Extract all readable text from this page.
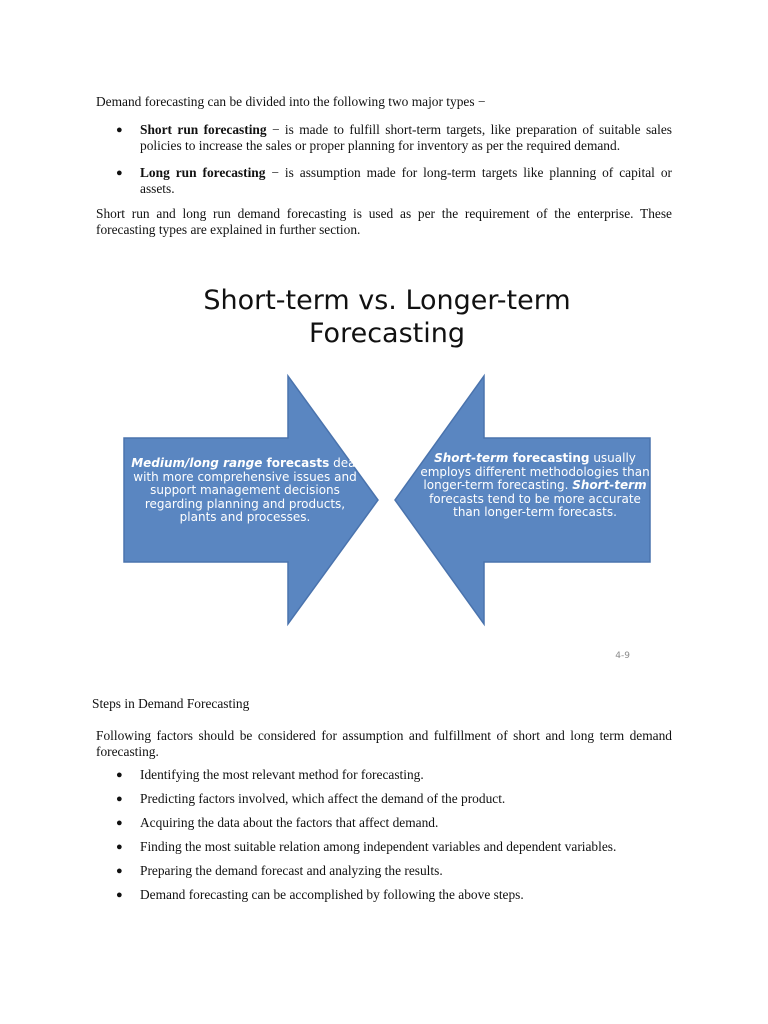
Demand forecasting can be divided into the following two major types −

● Short run forecasting − is made to fulfill short-term targets, like preparation of suitable sales policies to increase the sales or proper planning for inventory as per the required demand.
● Long run forecasting − is assumption made for long-term targets like planning of capital or assets.

Short run and long run demand forecasting is used as per the requirement of the enterprise. These forecasting types are explained in further section.

Short-term vs. Longer-term
Forecasting
Medium/long range forecasts deal with more comprehensive issues and support management decisions regarding planning and products, plants and processes.
Short-term forecasting usually employs different methodologies than longer-term forecasting. Short-term forecasts tend to be more accurate than longer-term forecasts.
4-9

Steps in Demand Forecasting

Following factors should be considered for assumption and fulfillment of short and long term demand forecasting.

● Identifying the most relevant method for forecasting.
● Predicting factors involved, which affect the demand of the product.
● Acquiring the data about the factors that affect demand.
● Finding the most suitable relation among independent variables and dependent variables.
● Preparing the demand forecast and analyzing the results.
● Demand forecasting can be accomplished by following the above steps.
